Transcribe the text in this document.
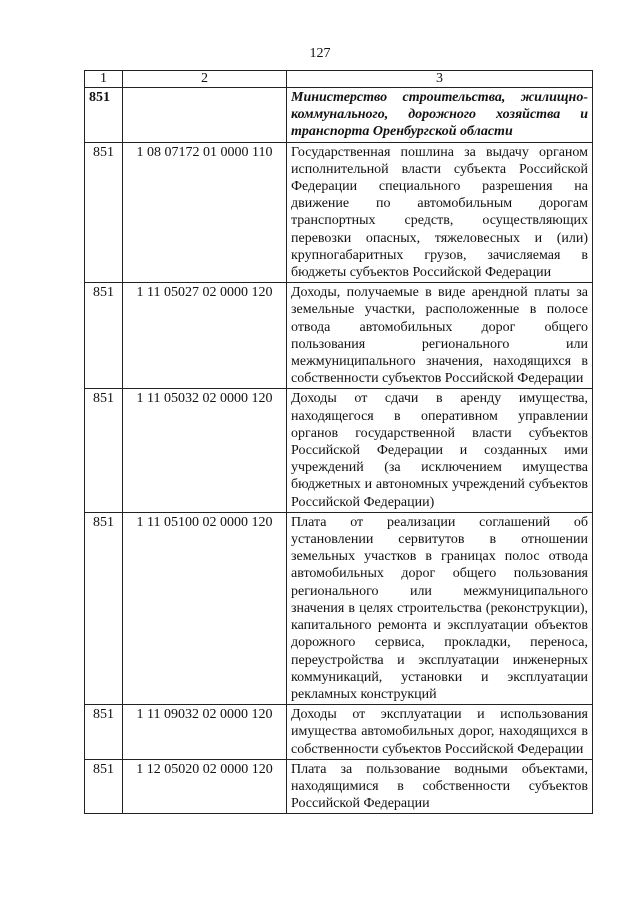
127
1	2	3
851		Министерство строительства, жилищно-коммунального, дорожного хозяйства и транспорта Оренбургской области
851	1 08 07172 01 0000 110	Государственная пошлина за выдачу органом исполнительной власти субъекта Российской Федерации специального разрешения на движение по автомобильным дорогам транспортных средств, осуществляющих перевозки опасных, тяжеловесных и (или) крупногабаритных грузов, зачисляемая в бюджеты субъектов Российской Федерации
851	1 11 05027 02 0000 120	Доходы, получаемые в виде арендной платы за земельные участки, расположенные в полосе отвода автомобильных дорог общего пользования регионального или межмуниципального значения, находящихся в собственности субъектов Российской Федерации
851	1 11 05032 02 0000 120	Доходы от сдачи в аренду имущества, находящегося в оперативном управлении органов государственной власти субъектов Российской Федерации и созданных ими учреждений (за исключением имущества бюджетных и автономных учреждений субъектов Российской Федерации)
851	1 11 05100 02 0000 120	Плата от реализации соглашений об установлении сервитутов в отношении земельных участков в границах полос отвода автомобильных дорог общего пользования регионального или межмуниципального значения в целях строительства (реконструкции), капитального ремонта и эксплуатации объектов дорожного сервиса, прокладки, переноса, переустройства и эксплуатации инженерных коммуникаций, установки и эксплуатации рекламных конструкций
851	1 11 09032 02 0000 120	Доходы от эксплуатации и использования имущества автомобильных дорог, находящихся в собственности субъектов Российской Федерации
851	1 12 05020 02 0000 120	Плата за пользование водными объектами, находящимися в собственности субъектов Российской Федерации
